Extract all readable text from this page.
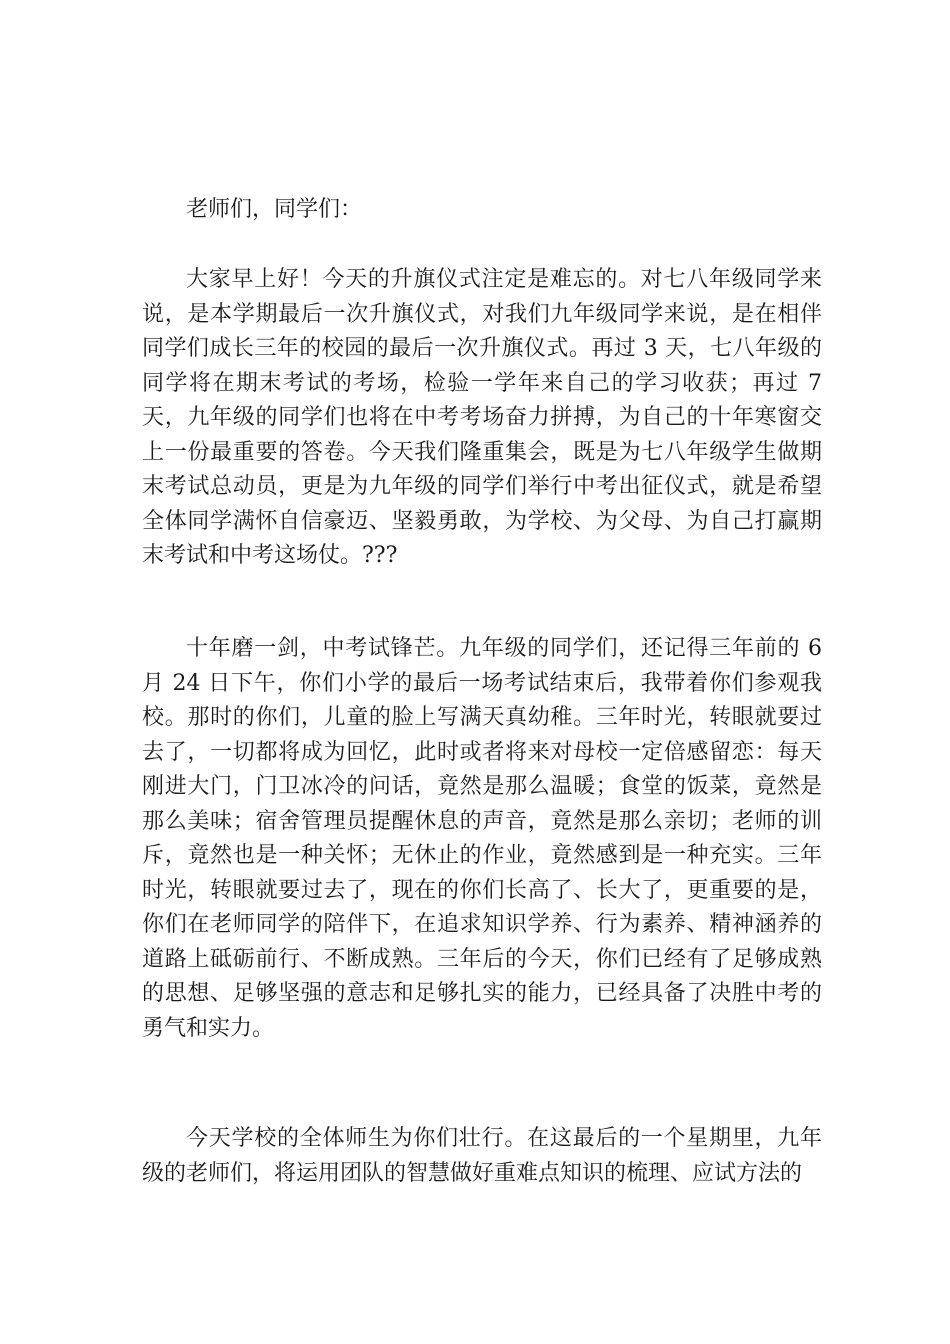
老师们，同学们：

大家早上好！今天的升旗仪式注定是难忘的。对七八年级同学来说，是本学期最后一次升旗仪式，对我们九年级同学来说，是在相伴同学们成长三年的校园的最后一次升旗仪式。再过 3 天，七八年级的同学将在期末考试的考场，检验一学年来自己的学习收获；再过 7 天，九年级的同学们也将在中考考场奋力拼搏，为自己的十年寒窗交上一份最重要的答卷。今天我们隆重集会，既是为七八年级学生做期末考试总动员，更是为九年级的同学们举行中考出征仪式，就是希望全体同学满怀自信豪迈、坚毅勇敢，为学校、为父母、为自己打赢期末考试和中考这场仗。???

十年磨一剑，中考试锋芒。九年级的同学们，还记得三年前的 6 月 24 日下午，你们小学的最后一场考试结束后，我带着你们参观我校。那时的你们，儿童的脸上写满天真幼稚。三年时光，转眼就要过去了，一切都将成为回忆，此时或者将来对母校一定倍感留恋：每天刚进大门，门卫冰冷的问话，竟然是那么温暖；食堂的饭菜，竟然是那么美味；宿舍管理员提醒休息的声音，竟然是那么亲切；老师的训斥，竟然也是一种关怀；无休止的作业，竟然感到是一种充实。三年时光，转眼就要过去了，现在的你们长高了、长大了，更重要的是，你们在老师同学的陪伴下，在追求知识学养、行为素养、精神涵养的道路上砥砺前行、不断成熟。三年后的今天，你们已经有了足够成熟的思想、足够坚强的意志和足够扎实的能力，已经具备了决胜中考的勇气和实力。

今天学校的全体师生为你们壮行。在这最后的一个星期里，九年级的老师们，将运用团队的智慧做好重难点知识的梳理、应试方法的
